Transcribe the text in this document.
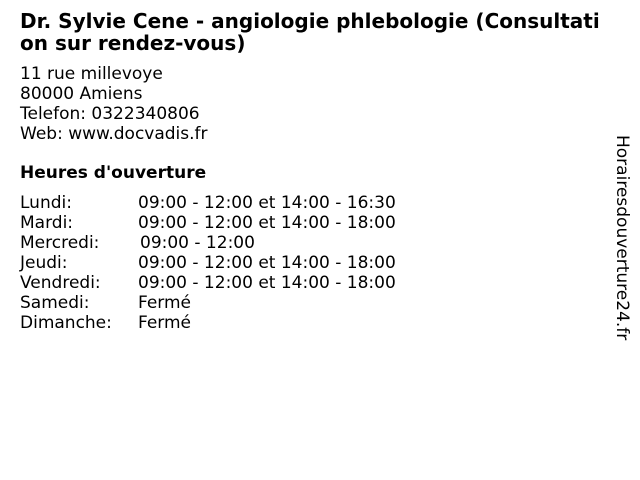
Dr. Sylvie Cene - angiologie phlebologie (Consultation sur rendez-vous)
11 rue millevoye
80000 Amiens
Telefon: 0322340806
Web: www.docvadis.fr
Heures d'ouverture
Lundi:	09:00 - 12:00 et 14:00 - 16:30
Mardi:	09:00 - 12:00 et 14:00 - 18:00
Mercredi: 09:00 - 12:00
Jeudi:	09:00 - 12:00 et 14:00 - 18:00
Vendredi: 09:00 - 12:00 et 14:00 - 18:00
Samedi:	Fermé
Dimanche: Fermé	Horairesdouverture24.fr
